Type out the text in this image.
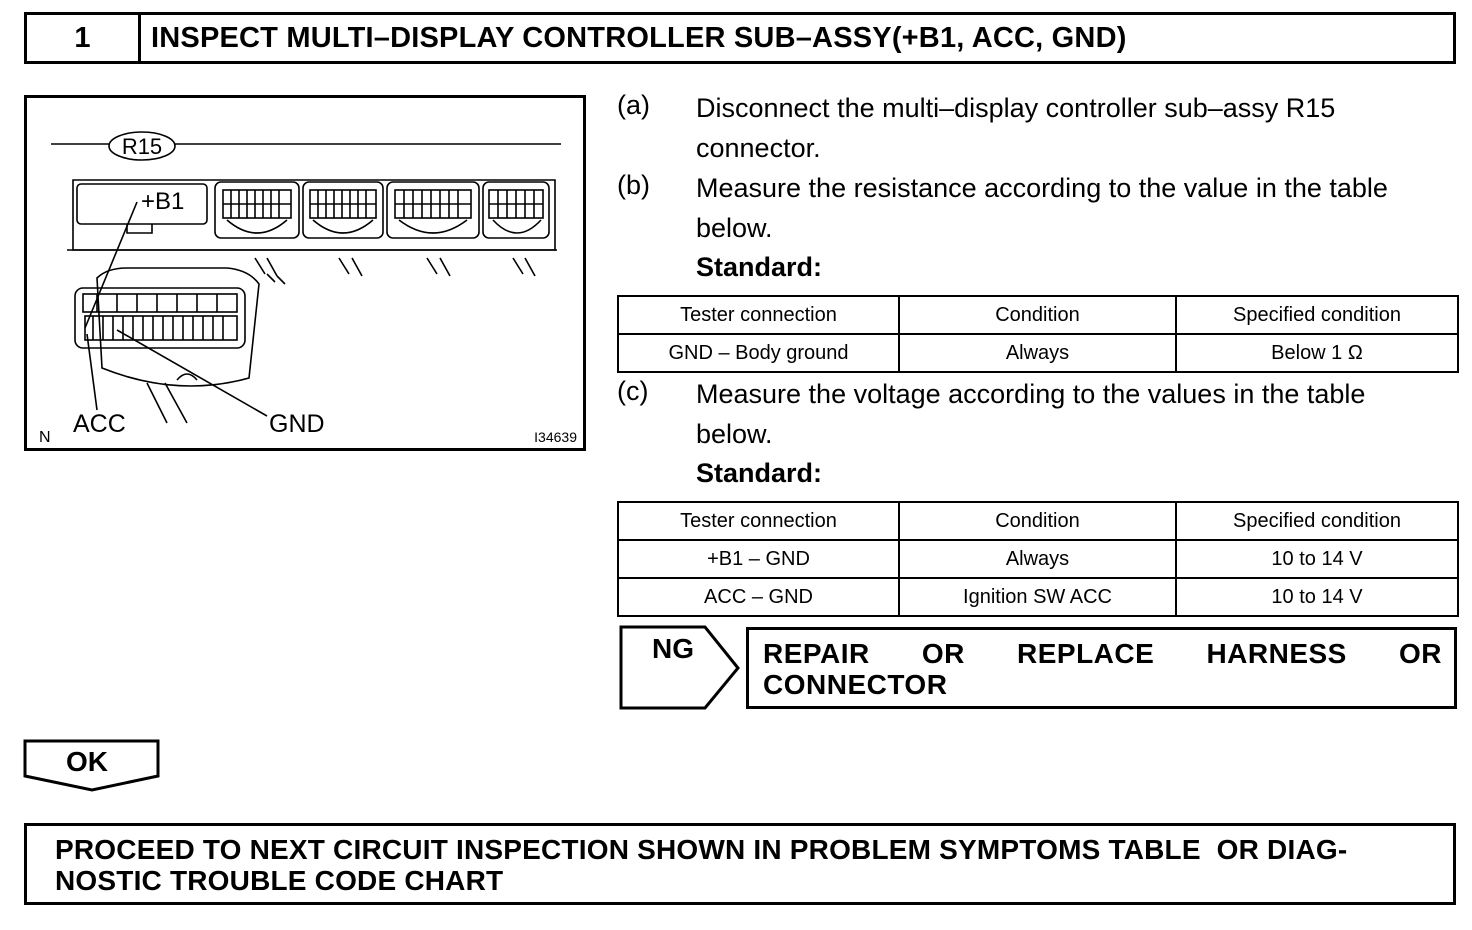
1	INSPECT MULTI–DISPLAY CONTROLLER SUB–ASSY(+B1, ACC, GND)
R15
+B1
ACC	GND
N	I34639
(a) Disconnect the multi–display controller sub–assy R15
connector.
(b) Measure the resistance according to the value in the table
below.
Standard:
Tester connection	Condition	Specified condition
GND – Body ground	Always	Below 1 Ω
(c) Measure the voltage according to the values in the table
below.
Standard:
Tester connection	Condition	Specified condition
+B1 – GND	Always	10 to 14 V
ACC – GND	Ignition SW ACC	10 to 14 V
NG REPAIR OR REPLACE HARNESS OR
CONNECTOR
OK
PROCEED TO NEXT CIRCUIT INSPECTION SHOWN IN PROBLEM SYMPTOMS TABLE  OR DIAG-
NOSTIC TROUBLE CODE CHART
